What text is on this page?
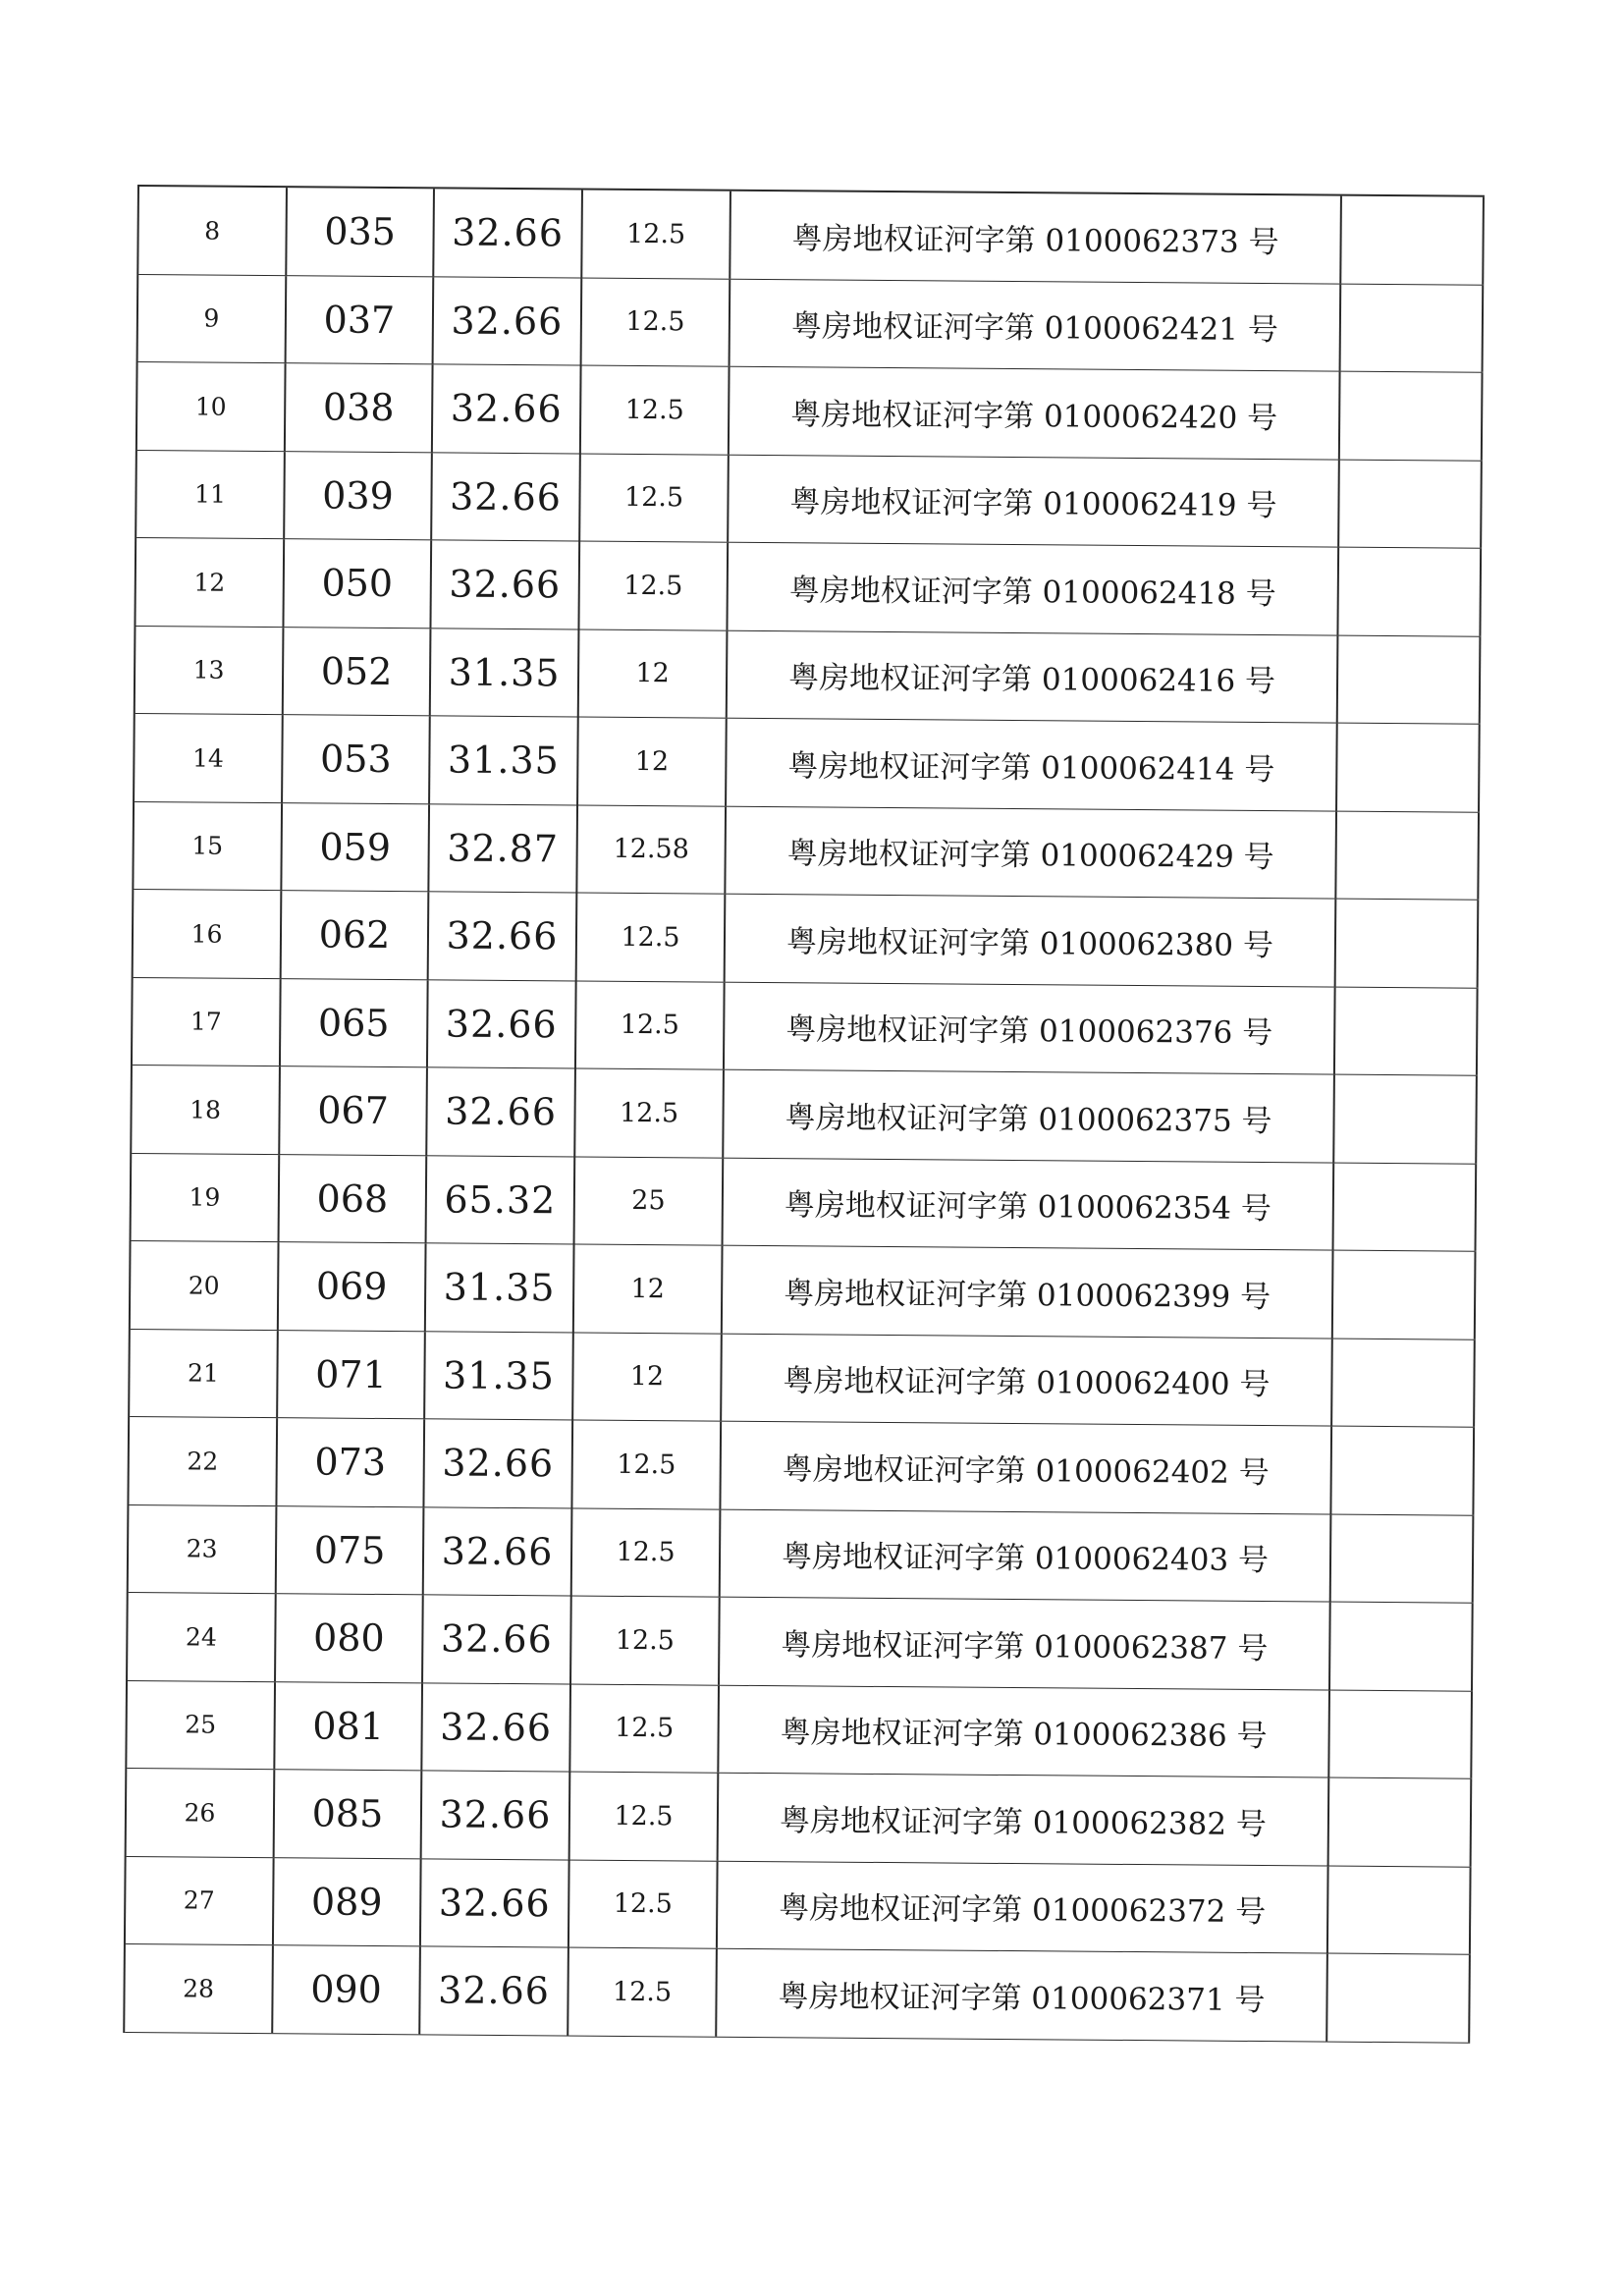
8	035	32.66	12.5	粤房地权证河字第 0100062373 号
9	037	32.66	12.5	粤房地权证河字第 0100062421 号
10	038	32.66	12.5	粤房地权证河字第 0100062420 号
11	039	32.66	12.5	粤房地权证河字第 0100062419 号
12	050	32.66	12.5	粤房地权证河字第 0100062418 号
13	052	31.35	12	粤房地权证河字第 0100062416 号
14	053	31.35	12	粤房地权证河字第 0100062414 号
15	059	32.87	12.58	粤房地权证河字第 0100062429 号
16	062	32.66	12.5	粤房地权证河字第 0100062380 号
17	065	32.66	12.5	粤房地权证河字第 0100062376 号
18	067	32.66	12.5	粤房地权证河字第 0100062375 号
19	068	65.32	25	粤房地权证河字第 0100062354 号
20	069	31.35	12	粤房地权证河字第 0100062399 号
21	071	31.35	12	粤房地权证河字第 0100062400 号
22	073	32.66	12.5	粤房地权证河字第 0100062402 号
23	075	32.66	12.5	粤房地权证河字第 0100062403 号
24	080	32.66	12.5	粤房地权证河字第 0100062387 号
25	081	32.66	12.5	粤房地权证河字第 0100062386 号
26	085	32.66	12.5	粤房地权证河字第 0100062382 号
27	089	32.66	12.5	粤房地权证河字第 0100062372 号
28	090	32.66	12.5	粤房地权证河字第 0100062371 号
